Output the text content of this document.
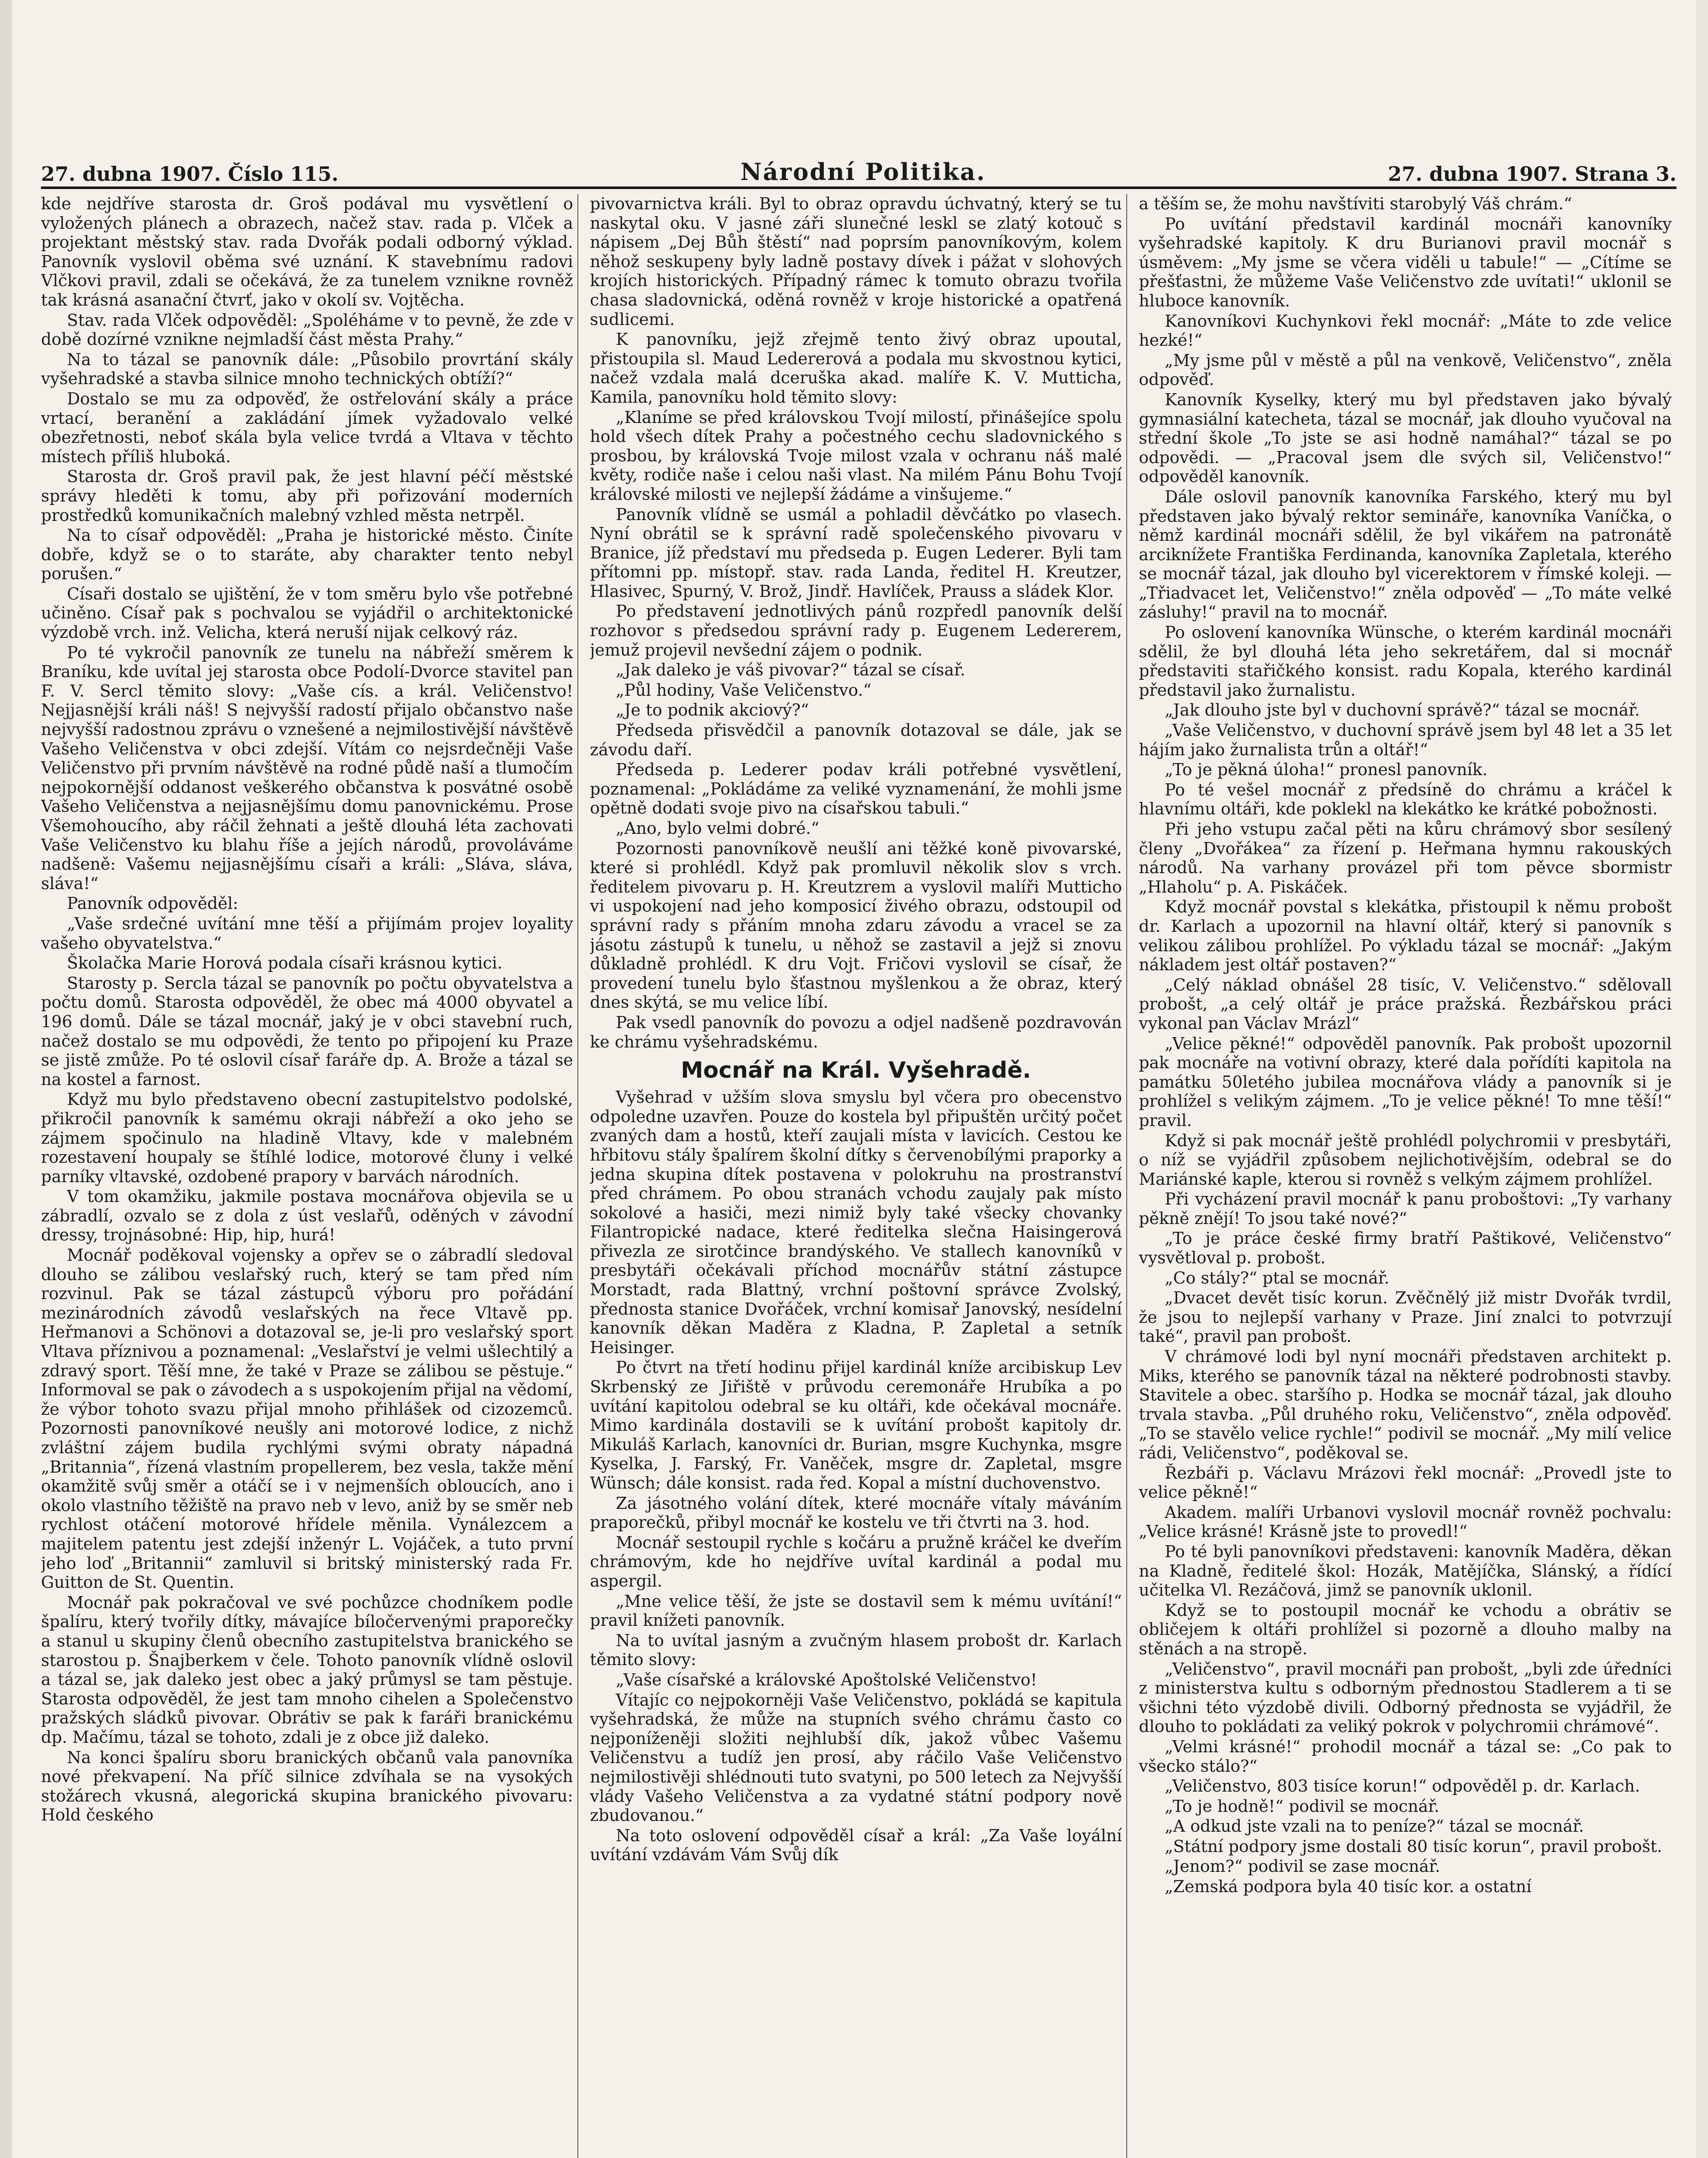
27. dubna 1907. Číslo 115.	Národní Politika.	27. dubna 1907. Strana 3.

kde nejdříve starosta dr. Groš podával mu vysvětlení o vyložených plánech a obrazech, načež stav. rada p. Vlček a projektant městský stav. rada Dvořák podali odborný výklad. Panovník vyslovil oběma své uznání. K stavebnímu radovi Vlčkovi pravil, zdali se očekává, že za tunelem vznikne rovněž tak krásná asanační čtvrť, jako v okolí sv. Vojtěcha.

Stav. rada Vlček odpověděl: „Spoléháme v to pevně, že zde v době dozírné vznikne nejmladší část města Prahy.“

Na to tázal se panovník dále: „Působilo provrtání skály vyšehradské a stavba silnice mnoho technických obtíží?“

Dostalo se mu za odpověď, že ostřelování skály a práce vrtací, beranění a zakládání jímek vyžadovalo velké obezřetnosti, neboť skála byla velice tvrdá a Vltava v těchto místech příliš hluboká.

Starosta dr. Groš pravil pak, že jest hlavní péčí městské správy hleděti k tomu, aby při pořizování moderních prostředků komunikačních malebný vzhled města netrpěl.

Na to císař odpověděl: „Praha je historické město. Činíte dobře, když se o to staráte, aby charakter tento nebyl porušen.“

Císaři dostalo se ujištění, že v tom směru bylo vše potřebné učiněno. Císař pak s pochvalou se vyjádřil o architektonické výzdobě vrch. inž. Velicha, která neruší nijak celkový ráz.

Po té vykročil panovník ze tunelu na nábřeží směrem k Braníku, kde uvítal jej starosta obce Podolí-Dvorce stavitel pan F. V. Sercl těmito slovy: „Vaše cís. a král. Veličenstvo! Nejjasnější králi náš! S nejvyšší radostí přijalo občanstvo naše nejvyšší radostnou zprávu o vznešené a nejmilostivější návštěvě Vašeho Veličenstva v obci zdejší. Vítám co nejsrdečněji Vaše Veličenstvo při prvním návštěvě na rodné půdě naší a tlumočím nejpokornější oddanost veškerého občanstva k posvátné osobě Vašeho Veličenstva a nejjasnějšímu domu panovnickému. Prose Všemohoucího, aby ráčil žehnati a ještě dlouhá léta zachovati Vaše Veličenstvo ku blahu říše a jejích národů, provoláváme nadšeně: Vašemu nejjasnějšímu císaři a králi: „Sláva, sláva, sláva!“

Panovník odpověděl:

„Vaše srdečné uvítání mne těší a přijímám projev loyality vašeho obyvatelstva.“

Školačka Marie Horová podala císaři krásnou kytici.

Starosty p. Sercla tázal se panovník po počtu obyvatelstva a počtu domů. Starosta odpověděl, že obec má 4000 obyvatel a 196 domů. Dále se tázal mocnář, jaký je v obci stavební ruch, načež dostalo se mu odpovědi, že tento po připojení ku Praze se jistě zmůže. Po té oslovil císař faráře dp. A. Brože a tázal se na kostel a farnost.

Když mu bylo představeno obecní zastupitelstvo podolské, přikročil panovník k samému okraji nábřeží a oko jeho se zájmem spočinulo na hladině Vltavy, kde v malebném rozestavení houpaly se štíhlé lodice, motorové čluny i velké parníky vltavské, ozdobené prapory v barvách národních.

V tom okamžiku, jakmile postava mocnářova objevila se u zábradlí, ozvalo se z dola z úst veslařů, oděných v závodní dressy, trojnásobné: Hip, hip, hurá!

Mocnář poděkoval vojensky a opřev se o zábradlí sledoval dlouho se zálibou veslařský ruch, který se tam před ním rozvinul. Pak se tázal zástupců výboru pro pořádání mezinárodních závodů veslařských na řece Vltavě pp. Heřmanovi a Schönovi a dotazoval se, je-li pro veslařský sport Vltava příznivou a poznamenal: „Veslařství je velmi ušlechtilý a zdravý sport. Těší mne, že také v Praze se zálibou se pěstuje.“ Informoval se pak o závodech a s uspokojením přijal na vědomí, že výbor tohoto svazu přijal mnoho přihlášek od cizozemců. Pozornosti panovníkové neušly ani motorové lodice, z nichž zvláštní zájem budila rychlými svými obraty nápadná „Britannia“, řízená vlastním propellerem, bez vesla, takže mění okamžitě svůj směr a otáčí se i v nejmenších obloucích, ano i okolo vlastního těžiště na pravo neb v levo, aniž by se směr neb rychlost otáčení motorové hřídele měnila. Vynálezcem a majitelem patentu jest zdejší inženýr L. Vojáček, a tuto první jeho loď „Britannii“ zamluvil si britský ministerský rada Fr. Guitton de St. Quentin.

Mocnář pak pokračoval ve své pochůzce chodníkem podle špalíru, který tvořily dítky, mávajíce bíločervenými praporečky a stanul u skupiny členů obecního zastupitelstva branického se starostou p. Šnajberkem v čele. Tohoto panovník vlídně oslovil a tázal se, jak daleko jest obec a jaký průmysl se tam pěstuje. Starosta odpověděl, že jest tam mnoho cihelen a Společenstvo pražských sládků pivovar. Obrátiv se pak k faráři branickému dp. Mačímu, tázal se tohoto, zdali je z obce již daleko.

Na konci špalíru sboru branických občanů vala panovníka nové překvapení. Na příč silnice zdvíhala se na vysokých stožárech vkusná, alegorická skupina branického pivovaru: Hold českého

pivovarnictva králi. Byl to obraz opravdu úchvatný, který se tu naskytal oku. V jasné záři slunečné leskl se zlatý kotouč s nápisem „Dej Bůh štěstí“ nad poprsím panovníkovým, kolem něhož seskupeny byly ladně postavy dívek i pážat v slohových krojích historických. Případný rámec k tomuto obrazu tvořila chasa sladovnická, oděná rovněž v kroje historické a opatřená sudlicemi.

K panovníku, jejž zřejmě tento živý obraz upoutal, přistoupila sl. Maud Ledererová a podala mu skvostnou kytici, načež vzdala malá dceruška akad. malíře K. V. Mutticha, Kamila, panovníku hold těmito slovy:

„Klaníme se před královskou Tvojí milostí, přinášejíce spolu hold všech dítek Prahy a počestného cechu sladovnického s prosbou, by královská Tvoje milost vzala v ochranu náš malé květy, rodiče naše i celou naši vlast. Na milém Pánu Bohu Tvojí královské milosti ve nejlepší žádáme a vinšujeme.“

Panovník vlídně se usmál a pohladil děvčátko po vlasech. Nyní obrátil se k správní radě společenského pivovaru v Branice, jíž představí mu předseda p. Eugen Lederer. Byli tam přítomni pp. místopř. stav. rada Landa, ředitel H. Kreutzer, Hlasivec, Spurný, V. Brož, Jindř. Havlíček, Prauss a sládek Klor.

Po představení jednotlivých pánů rozpředl panovník delší rozhovor s předsedou správní rady p. Eugenem Ledererem, jemuž projevil nevšední zájem o podnik.

„Jak daleko je váš pivovar?“ tázal se císař.

„Půl hodiny, Vaše Veličenstvo.“

„Je to podnik akciový?“

Předseda přisvědčil a panovník dotazoval se dále, jak se závodu daří.

Předseda p. Lederer podav králi potřebné vysvětlení, poznamenal: „Pokládáme za veliké vyznamenání, že mohli jsme opětně dodati svoje pivo na císařskou tabuli.“

„Ano, bylo velmi dobré.“

Pozornosti panovníkově neušlí ani těžké koně pivovarské, které si prohlédl. Když pak promluvil několik slov s vrch. ředitelem pivovaru p. H. Kreutzrem a vyslovil malíři Mutticho vi uspokojení nad jeho komposicí živého obrazu, odstoupil od správní rady s přáním mnoha zdaru závodu a vracel se za jásotu zástupů k tunelu, u něhož se zastavil a jejž si znovu důkladně prohlédl. K dru Vojt. Fričovi vyslovil se císař, že provedení tunelu bylo šťastnou myšlenkou a že obraz, který dnes skýtá, se mu velice líbí.

Pak vsedl panovník do povozu a odjel nadšeně pozdravován ke chrámu vyšehradskému.

Mocnář na Král. Vyšehradě.

Vyšehrad v užším slova smyslu byl včera pro obecenstvo odpoledne uzavřen. Pouze do kostela byl připuštěn určitý počet zvaných dam a hostů, kteří zaujali místa v lavicích. Cestou ke hřbitovu stály špalírem školní dítky s červenobílými praporky a jedna skupina dítek postavena v polokruhu na prostranství před chrámem. Po obou stranách vchodu zaujaly pak místo sokolové a hasiči, mezi nimiž byly také všecky chovanky Filantropické nadace, které ředitelka slečna Haisingerová přivezla ze sirotčince brandýského. Ve stallech kanovníků v presbytáři očekávali příchod mocnářův státní zástupce Morstadt, rada Blattný, vrchní poštovní správce Zvolský, přednosta stanice Dvořáček, vrchní komisař Janovský, nesídelní kanovník děkan Maděra z Kladna, P. Zapletal a setník Heisinger.

Po čtvrt na třetí hodinu přijel kardinál kníže arcibiskup Lev Skrbenský ze Jiřiště v průvodu ceremonáře Hrubíka a po uvítání kapitolou odebral se ku oltáři, kde očekával mocnáře. Mimo kardinála dostavili se k uvítání probošt kapitoly dr. Mikuláš Karlach, kanovníci dr. Burian, msgre Kuchynka, msgre Kyselka, J. Farský, Fr. Vaněček, msgre dr. Zapletal, msgre Wünsch; dále konsist. rada řed. Kopal a místní duchovenstvo.

Za jásotného volání dítek, které mocnáře vítaly máváním praporečků, přibyl mocnář ke kostelu ve tři čtvrti na 3. hod.

Mocnář sestoupil rychle s kočáru a pružně kráčel ke dveřím chrámovým, kde ho nejdříve uvítal kardinál a podal mu aspergil.

„Mne velice těší, že jste se dostavil sem k mému uvítání!“ pravil knížeti panovník.

Na to uvítal jasným a zvučným hlasem probošt dr. Karlach těmito slovy:

„Vaše císařské a královské Apoštolské Veličenstvo!

Vítajíc co nejpokorněji Vaše Veličenstvo, pokládá se kapitula vyšehradská, že může na stupních svého chrámu často co nejponíženěji složiti nejhlubší dík, jakož vůbec Vašemu Veličenstvu a tudíž jen prosí, aby ráčilo Vaše Veličenstvo nejmilostivěji shlédnouti tuto svatyni, po 500 letech za Nejvyšší vlády Vašeho Veličenstva a za vydatné státní podpory nově zbudovanou.“

Na toto oslovení odpověděl císař a král: „Za Vaše loyální uvítání vzdávám Vám Svůj dík

a těším se, že mohu navštíviti starobylý Váš chrám.“

Po uvítání představil kardinál mocnáři kanovníky vyšehradské kapitoly. K dru Burianovi pravil mocnář s úsměvem: „My jsme se včera viděli u tabule!“ — „Cítíme se přešťastni, že můžeme Vaše Veličenstvo zde uvítati!“ uklonil se hluboce kanovník.

Kanovníkovi Kuchynkovi řekl mocnář: „Máte to zde velice hezké!“

„My jsme půl v městě a půl na venkově, Veličenstvo“, zněla odpověď.

Kanovník Kyselky, který mu byl představen jako bývalý gymnasiální katecheta, tázal se mocnář, jak dlouho vyučoval na střední škole „To jste se asi hodně namáhal?“ tázal se po odpovědi. — „Pracoval jsem dle svých sil, Veličenstvo!“ odpověděl kanovník.

Dále oslovil panovník kanovníka Farského, který mu byl představen jako bývalý rektor semináře, kanovníka Vaníčka, o němž kardinál mocnáři sdělil, že byl vikářem na patronátě arciknížete Františka Ferdinanda, kanovníka Zapletala, kterého se mocnář tázal, jak dlouho byl vicerektorem v římské koleji. — „Třiadvacet let, Veličenstvo!“ zněla odpověď — „To máte velké zásluhy!“ pravil na to mocnář.

Po oslovení kanovníka Wünsche, o kterém kardinál mocnáři sdělil, že byl dlouhá léta jeho sekretářem, dal si mocnář představiti stařičkého konsist. radu Kopala, kterého kardinál představil jako žurnalistu.

„Jak dlouho jste byl v duchovní správě?“ tázal se mocnář.

„Vaše Veličenstvo, v duchovní správě jsem byl 48 let a 35 let hájím jako žurnalista trůn a oltář!“

„To je pěkná úloha!“ pronesl panovník.

Po té vešel mocnář z předsíně do chrámu a kráčel k hlavnímu oltáři, kde poklekl na klekátko ke krátké pobožnosti.

Při jeho vstupu začal pěti na kůru chrámový sbor sesílený členy „Dvořákea“ za řízení p. Heřmana hymnu rakouských národů. Na varhany provázel při tom pěvce sbormistr „Hlaholu“ p. A. Piskáček.

Když mocnář povstal s klekátka, přistoupil k němu probošt dr. Karlach a upozornil na hlavní oltář, který si panovník s velikou zálibou prohlížel. Po výkladu tázal se mocnář: „Jakým nákladem jest oltář postaven?“

„Celý náklad obnášel 28 tisíc, V. Veličenstvo.“ sdělovall probošt, „a celý oltář je práce pražská. Řezbářskou práci vykonal pan Václav Mrázl“

„Velice pěkné!“ odpověděl panovník. Pak probošt upozornil pak mocnáře na votivní obrazy, které dala pořídíti kapitola na památku 50letého jubilea mocnářova vlády a panovník si je prohlížel s velikým zájmem. „To je velice pěkné! To mne těší!“ pravil.

Když si pak mocnář ještě prohlédl polychromii v presbytáři, o níž se vyjádřil způsobem nejlichotivějším, odebral se do Mariánské kaple, kterou si rovněž s velkým zájmem prohlížel.

Při vycházení pravil mocnář k panu proboštovi: „Ty varhany pěkně znějí! To jsou také nové?“

„To je práce české firmy bratří Paštikové, Veličenstvo“ vysvětloval p. probošt.

„Co stály?“ ptal se mocnář.

„Dvacet devět tisíc korun. Zvěčnělý již mistr Dvořák tvrdil, že jsou to nejlepší varhany v Praze. Jiní znalci to potvrzují také“, pravil pan probošt.

V chrámové lodi byl nyní mocnáři představen architekt p. Miks, kterého se panovník tázal na některé podrobnosti stavby. Stavitele a obec. staršího p. Hodka se mocnář tázal, jak dlouho trvala stavba. „Půl druhého roku, Veličenstvo“, zněla odpověď. „To se stavělo velice rychle!“ podivil se mocnář. „My milí velice rádi, Veličenstvo“, poděkoval se.

Řezbáři p. Václavu Mrázovi řekl mocnář: „Provedl jste to velice pěkně!“

Akadem. malíři Urbanovi vyslovil mocnář rovněž pochvalu: „Velice krásné! Krásně jste to provedl!“

Po té byli panovníkovi představeni: kanovník Maděra, děkan na Kladně, ředitelé škol: Hozák, Matějíčka, Slánský, a řídící učitelka Vl. Rezáčová, jimž se panovník uklonil.

Když se to postoupil mocnář ke vchodu a obrátiv se obličejem k oltáři prohlížel si pozorně a dlouho malby na stěnách a na stropě.

„Veličenstvo“, pravil mocnáři pan probošt, „byli zde úředníci z ministerstva kultu s odborným přednostou Stadlerem a ti se všichni této výzdobě divili. Odborný přednosta se vyjádřil, že dlouho to pokládati za veliký pokrok v polychromii chrámové“.

„Velmi krásné!“ prohodil mocnář a tázal se: „Co pak to všecko stálo?“

„Veličenstvo, 803 tisíce korun!“ odpověděl p. dr. Karlach.

„To je hodně!“ podivil se mocnář.

„A odkud jste vzali na to peníze?“ tázal se mocnář.

„Státní podpory jsme dostali 80 tisíc korun“, pravil probošt.

„Jenom?“ podivil se zase mocnář.

„Zemská podpora byla 40 tisíc kor. a ostatní
